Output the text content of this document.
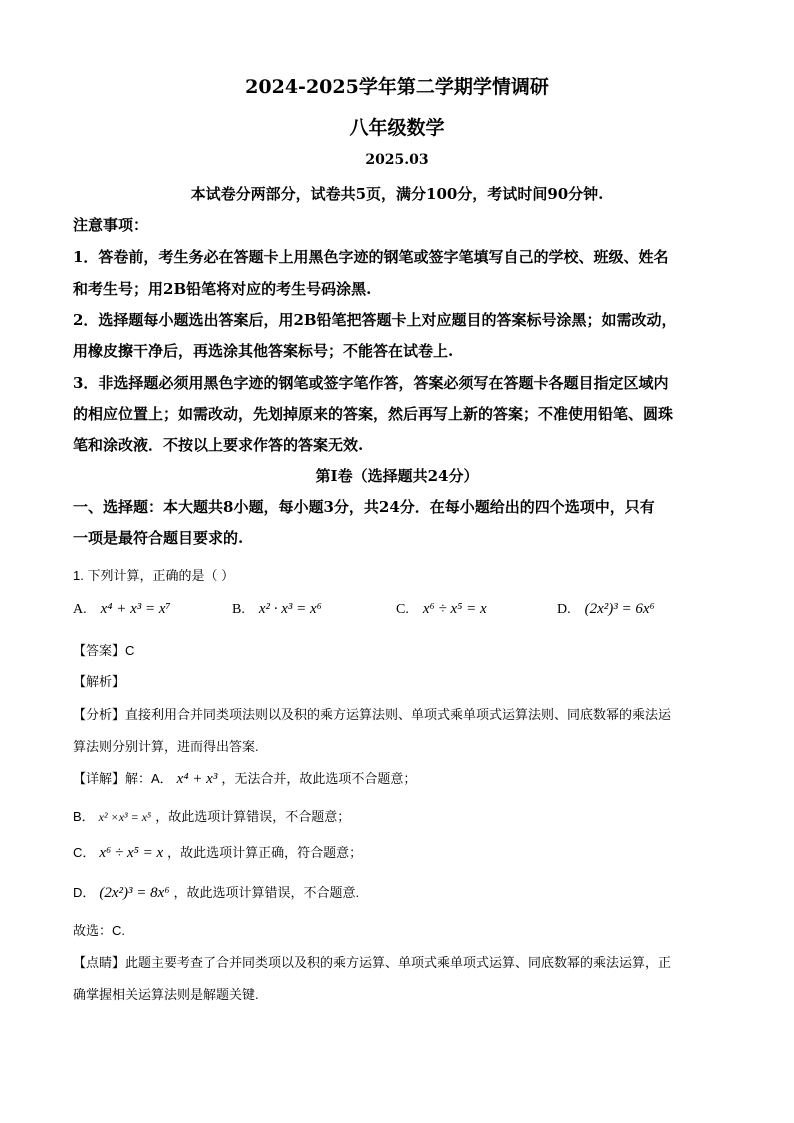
2024-2025学年第二学期学情调研
八年级数学
2025.03
本试卷分两部分，试卷共5页，满分100分，考试时间90分钟.
注意事项：
1．答卷前，考生务必在答题卡上用黑色字迹的钢笔或签字笔填写自己的学校、班级、姓名
和考生号；用2B铅笔将对应的考生号码涂黑.
2．选择题每小题选出答案后，用2B铅笔把答题卡上对应题目的答案标号涂黑；如需改动，
用橡皮擦干净后，再选涂其他答案标号；不能答在试卷上.
3．非选择题必须用黑色字迹的钢笔或签字笔作答，答案必须写在答题卡各题目指定区域内
的相应位置上；如需改动，先划掉原来的答案，然后再写上新的答案；不准使用铅笔、圆珠
笔和涂改液．不按以上要求作答的答案无效.
第Ⅰ卷（选择题共24分）
一、选择题：本大题共8小题，每小题3分，共24分．在每小题给出的四个选项中，只有
一项是最符合题目要求的.
1. 下列计算，正确的是（ ）
A. x⁴ + x³ = x⁷	B. x² · x³ = x⁶	C. x⁶ ÷ x⁵ = x	D. (2x²)³ = 6x⁶
【答案】C
【解析】
【分析】直接利用合并同类项法则以及积的乘方运算法则、单项式乘单项式运算法则、同底数幂的乘法运
算法则分别计算，进而得出答案.
【详解】解：A． x⁴ + x³ ，无法合并，故此选项不合题意；
B． x² ×x³ = x⁵ ，故此选项计算错误，不合题意；
C． x⁶ ÷ x⁵ = x ，故此选项计算正确，符合题意；
D． (2x²)³ = 8x⁶ ，故此选项计算错误，不合题意.
故选：C.
【点睛】此题主要考查了合并同类项以及积的乘方运算、单项式乘单项式运算、同底数幂的乘法运算，正
确掌握相关运算法则是解题关键.
